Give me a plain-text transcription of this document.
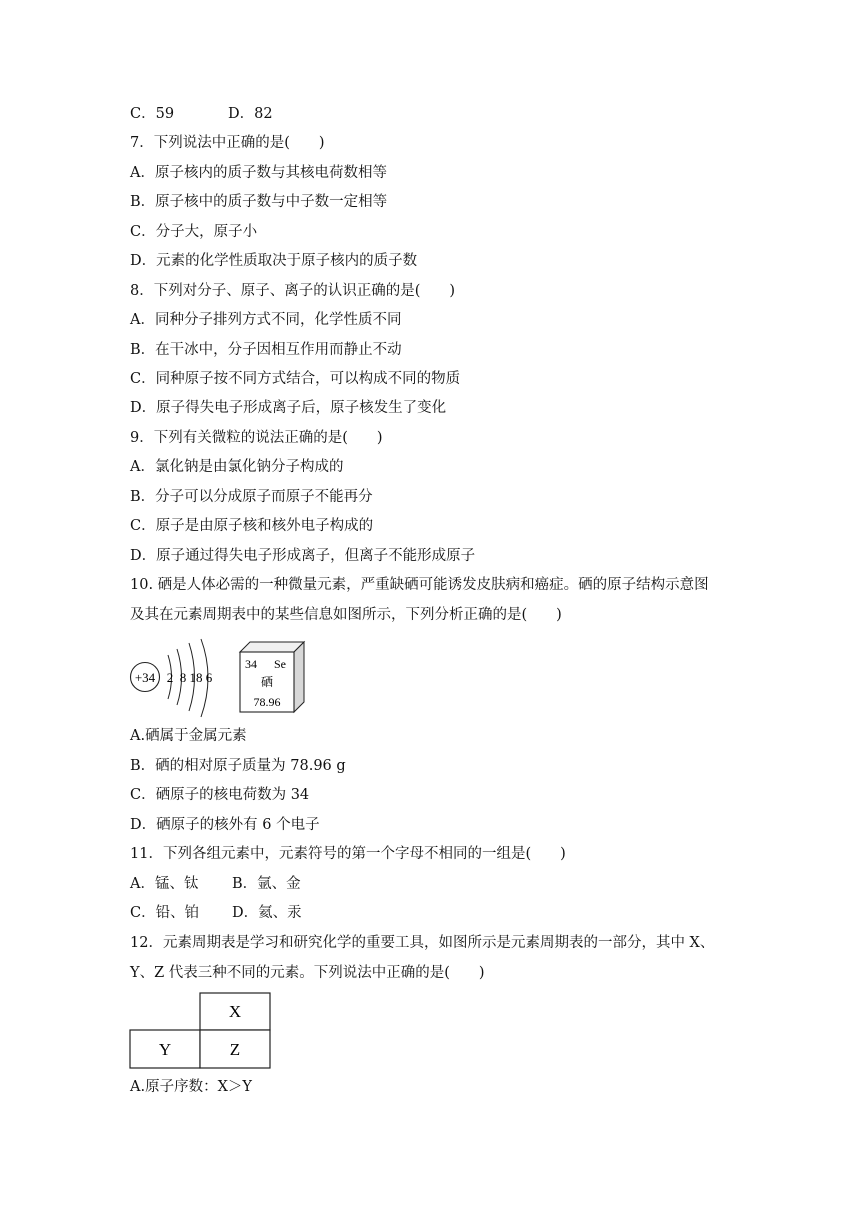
C．59	D．82
7．下列说法中正确的是(　　)
A．原子核内的质子数与其核电荷数相等
B．原子核中的质子数与中子数一定相等
C．分子大，原子小
D．元素的化学性质取决于原子核内的质子数
8．下列对分子、原子、离子的认识正确的是(　　)
A．同种分子排列方式不同，化学性质不同
B．在干冰中，分子因相互作用而静止不动
C．同种原子按不同方式结合，可以构成不同的物质
D．原子得失电子形成离子后，原子核发生了变化
9．下列有关微粒的说法正确的是(　　)
A．氯化钠是由氯化钠分子构成的
B．分子可以分成原子而原子不能再分
C．原子是由原子核和核外电子构成的
D．原子通过得失电子形成离子，但离子不能形成原子
10. 硒是人体必需的一种微量元素，严重缺硒可能诱发皮肤病和癌症。硒的原子结构示意图
及其在元素周期表中的某些信息如图所示，下列分析正确的是(　　)
+34 2 8 18 6
34 Se
硒
78.96
A.硒属于金属元素
B．硒的相对原子质量为 78.96 g
C．硒原子的核电荷数为 34
D．硒原子的核外有 6 个电子
11．下列各组元素中，元素符号的第一个字母不相同的一组是(　　)
A．锰、钛 B．氩、金
C．铅、铂 D．氦、汞
12．元素周期表是学习和研究化学的重要工具，如图所示是元素周期表的一部分，其中 X、
Y、Z 代表三种不同的元素。下列说法中正确的是(　　)
X
Y	Z
A.原子序数：X＞Y
